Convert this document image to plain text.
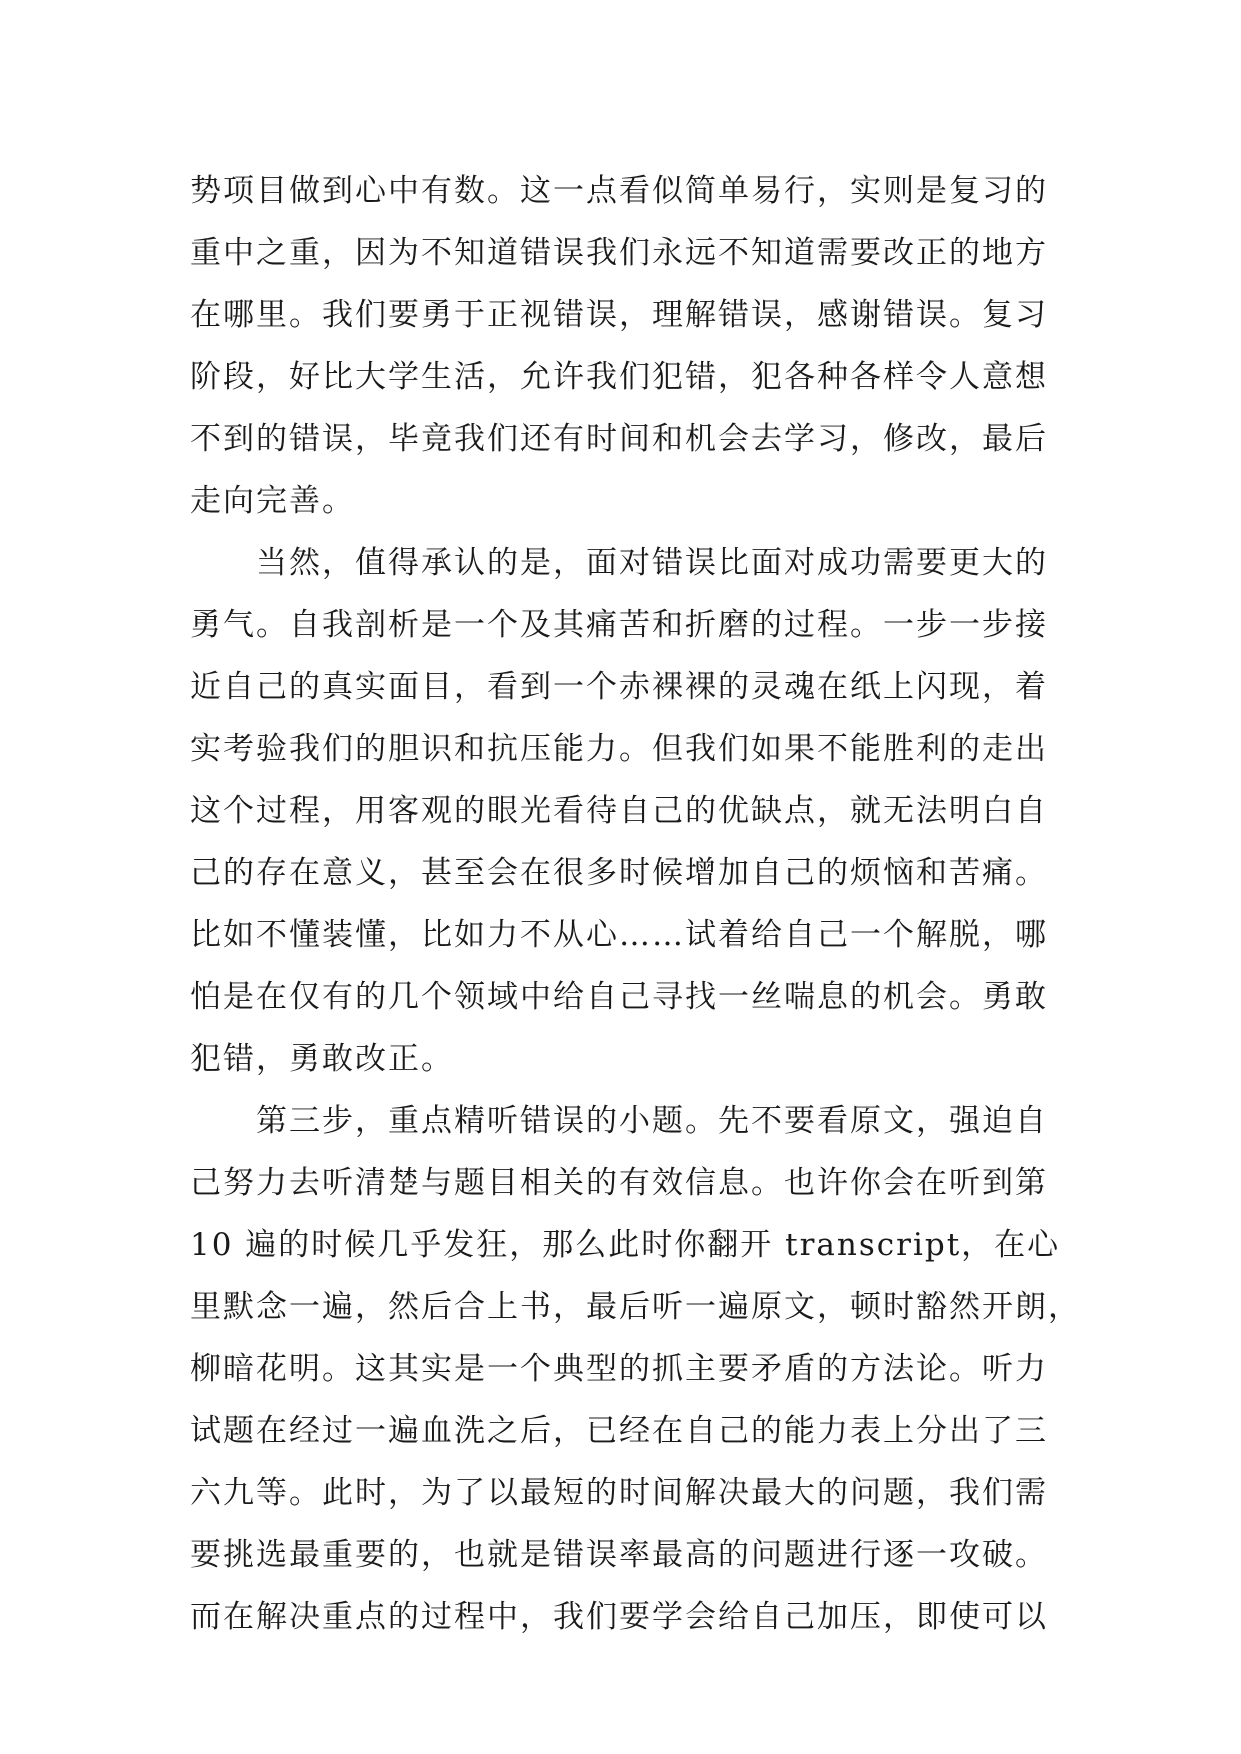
势项目做到心中有数。这一点看似简单易行，实则是复习的
重中之重，因为不知道错误我们永远不知道需要改正的地方
在哪里。我们要勇于正视错误，理解错误，感谢错误。复习
阶段，好比大学生活，允许我们犯错，犯各种各样令人意想
不到的错误，毕竟我们还有时间和机会去学习，修改，最后
走向完善。
当然，值得承认的是，面对错误比面对成功需要更大的
勇气。自我剖析是一个及其痛苦和折磨的过程。一步一步接
近自己的真实面目，看到一个赤裸裸的灵魂在纸上闪现，着
实考验我们的胆识和抗压能力。但我们如果不能胜利的走出
这个过程，用客观的眼光看待自己的优缺点，就无法明白自
己的存在意义，甚至会在很多时候增加自己的烦恼和苦痛。
比如不懂装懂，比如力不从心……试着给自己一个解脱，哪
怕是在仅有的几个领域中给自己寻找一丝喘息的机会。勇敢
犯错，勇敢改正。
第三步，重点精听错误的小题。先不要看原文，强迫自
己努力去听清楚与题目相关的有效信息。也许你会在听到第
10 遍的时候几乎发狂，那么此时你翻开 transcript，在心
里默念一遍，然后合上书，最后听一遍原文，顿时豁然开朗，
柳暗花明。这其实是一个典型的抓主要矛盾的方法论。听力
试题在经过一遍血洗之后，已经在自己的能力表上分出了三
六九等。此时，为了以最短的时间解决最大的问题，我们需
要挑选最重要的，也就是错误率最高的问题进行逐一攻破。
而在解决重点的过程中，我们要学会给自己加压，即使可以
